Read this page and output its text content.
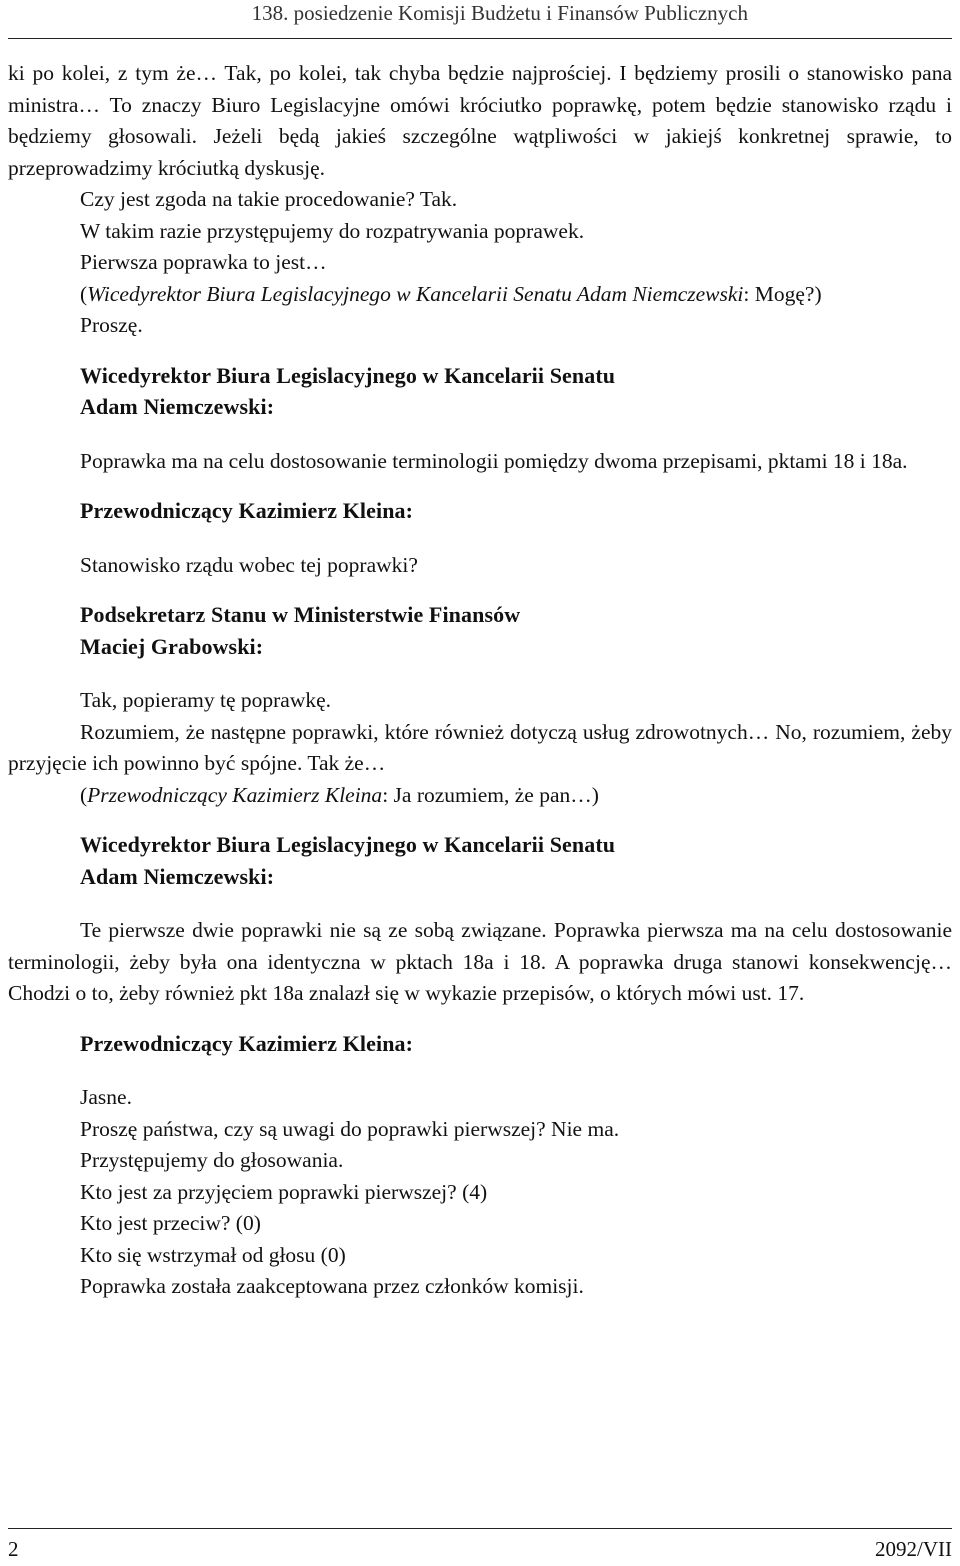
138. posiedzenie Komisji Budżetu i Finansów Publicznych

ki po kolei, z tym że… Tak, po kolei, tak chyba będzie najprościej. I będziemy prosili o stanowisko pana ministra… To znaczy Biuro Legislacyjne omówi króciutko poprawkę, potem będzie stanowisko rządu i będziemy głosowali. Jeżeli będą jakieś szczególne wątpliwości w jakiejś konkretnej sprawie, to przeprowadzimy króciutką dyskusję.

Czy jest zgoda na takie procedowanie? Tak.

W takim razie przystępujemy do rozpatrywania poprawek.

Pierwsza poprawka to jest…

(Wicedyrektor Biura Legislacyjnego w Kancelarii Senatu Adam Niemczewski: Mogę?)

Proszę.

Wicedyrektor Biura Legislacyjnego w Kancelarii Senatu

Adam Niemczewski:

Poprawka ma na celu dostosowanie terminologii pomiędzy dwoma przepisami, pktami 18 i 18a.

Przewodniczący Kazimierz Kleina:

Stanowisko rządu wobec tej poprawki?

Podsekretarz Stanu w Ministerstwie Finansów

Maciej Grabowski:

Tak, popieramy tę poprawkę.

Rozumiem, że następne poprawki, które również dotyczą usług zdrowotnych… No, rozumiem, żeby przyjęcie ich powinno być spójne. Tak że…

(Przewodniczący Kazimierz Kleina: Ja rozumiem, że pan…)

Wicedyrektor Biura Legislacyjnego w Kancelarii Senatu

Adam Niemczewski:

Te pierwsze dwie poprawki nie są ze sobą związane. Poprawka pierwsza ma na celu dostosowanie terminologii, żeby była ona identyczna w pktach 18a i 18. A poprawka druga stanowi konsekwencję… Chodzi o to, żeby również pkt 18a znalazł się w wykazie przepisów, o których mówi ust. 17.

Przewodniczący Kazimierz Kleina:

Jasne.

Proszę państwa, czy są uwagi do poprawki pierwszej? Nie ma.

Przystępujemy do głosowania.

Kto jest za przyjęciem poprawki pierwszej? (4)

Kto jest przeciw? (0)

Kto się wstrzymał od głosu (0)

Poprawka została zaakceptowana przez członków komisji.

2	2092/VII
